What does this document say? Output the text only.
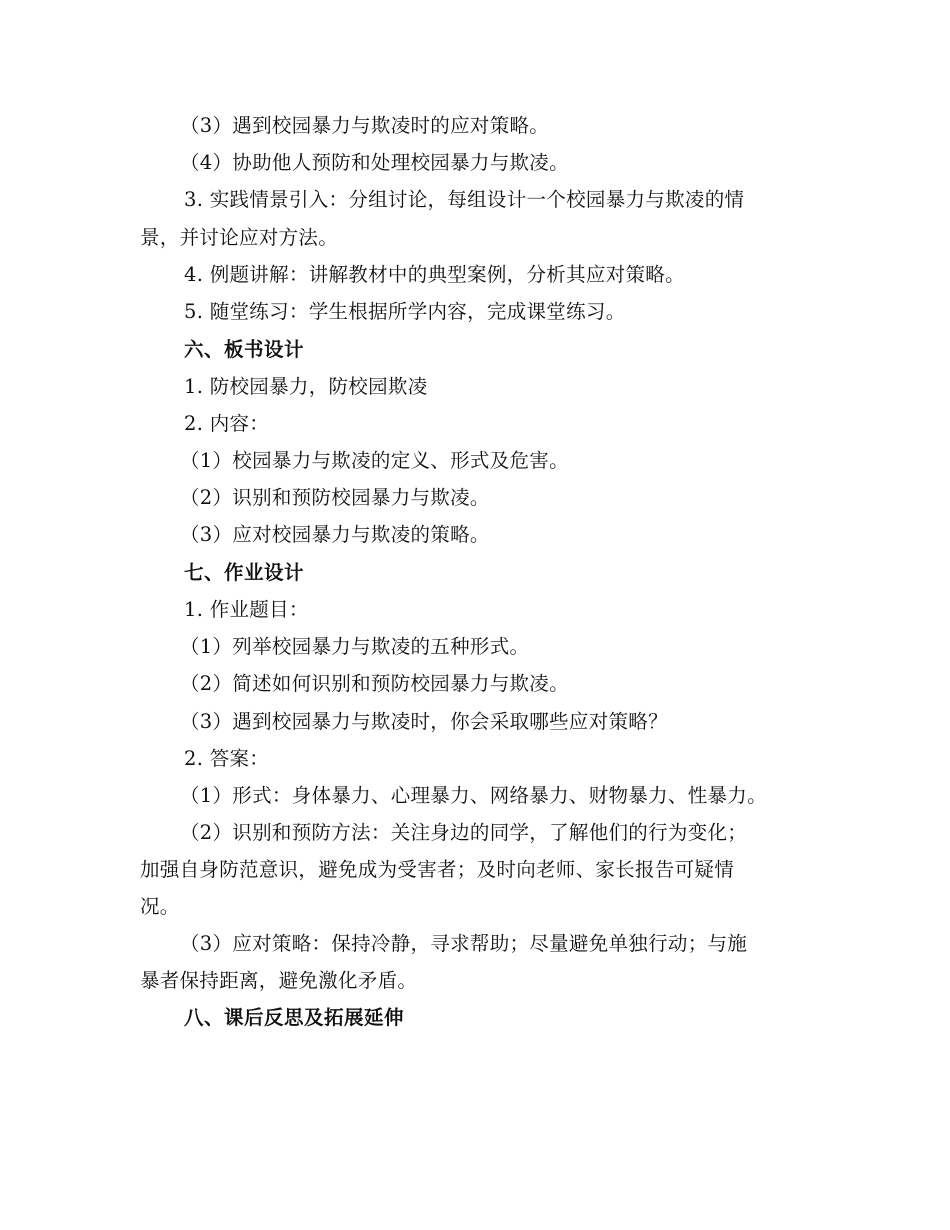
（3）遇到校园暴力与欺凌时的应对策略。
（4）协助他人预防和处理校园暴力与欺凌。
3. 实践情景引入：分组讨论，每组设计一个校园暴力与欺凌的情
景，并讨论应对方法。
4. 例题讲解：讲解教材中的典型案例，分析其应对策略。
5. 随堂练习：学生根据所学内容，完成课堂练习。
六、板书设计
1. 防校园暴力，防校园欺凌
2. 内容：
（1）校园暴力与欺凌的定义、形式及危害。
（2）识别和预防校园暴力与欺凌。
（3）应对校园暴力与欺凌的策略。
七、作业设计
1. 作业题目：
（1）列举校园暴力与欺凌的五种形式。
（2）简述如何识别和预防校园暴力与欺凌。
（3）遇到校园暴力与欺凌时，你会采取哪些应对策略？
2. 答案：
（1）形式：身体暴力、心理暴力、网络暴力、财物暴力、性暴力。
（2）识别和预防方法：关注身边的同学，了解他们的行为变化；
加强自身防范意识，避免成为受害者；及时向老师、家长报告可疑情
况。
（3）应对策略：保持冷静，寻求帮助；尽量避免单独行动；与施
暴者保持距离，避免激化矛盾。
八、课后反思及拓展延伸
